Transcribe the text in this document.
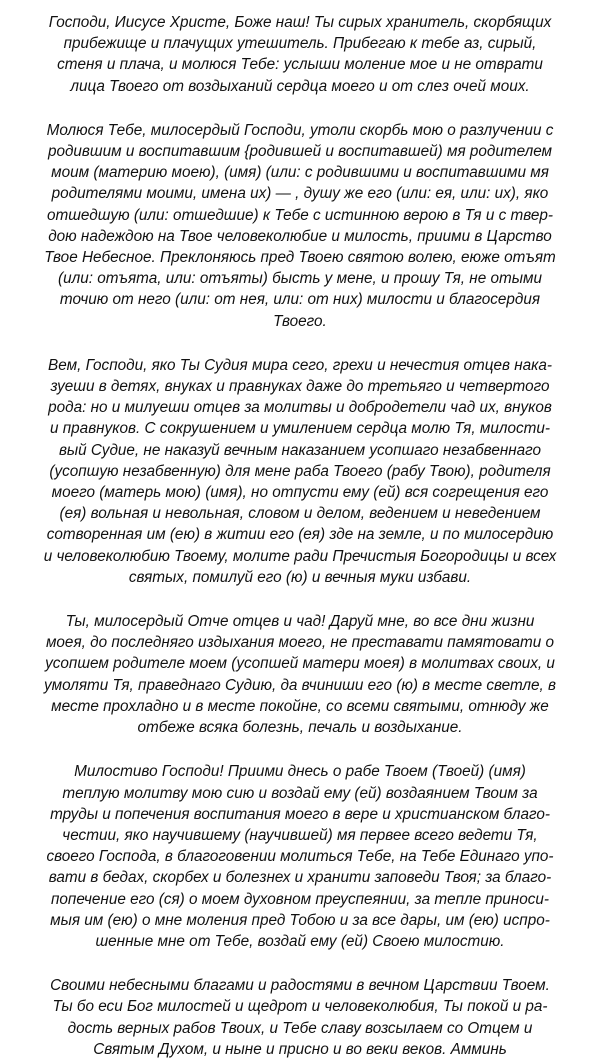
Господи, Иисусе Христе, Боже наш! Ты сирых хранитель, скорбящих
прибежище и плачущих утешитель. Прибегаю к тебе аз, сирый,
стеня и плача, и молюся Тебе: услыши моление мое и не отврати
лица Твоего от воздыханий сердца моего и от слез очей моих.
Молюся Тебе, милосердый Господи, утоли скорбь мою о разлучении с
родившим и воспитавшим {родившей и воспитавшей) мя родителем
моим (материю моею), (имя) (или: с родившими и воспитавшими мя
родителями моими, имена их) — , душу же его (или: ея, или: их), яко
отшедшую (или: отшедшие) к Тебе с истинною верою в Тя и с твер-
дою надеждою на Твое человеколюбие и милость, приими в Царство
Твое Небесное. Преклоняюсь пред Твоею святою волею, еюже отъят
(или: отъята, или: отъяты) бысть у мене, и прошу Тя, не отыми
точию от него (или: от нея, или: от них) милости и благосердия
Твоего.
Вем, Господи, яко Ты Судия мира сего, грехи и нечестия отцев нака-
зуеши в детях, внуках и правнуках даже до третьяго и четвертого
рода: но и милуеши отцев за молитвы и добродетели чад их, внуков
и правнуков. С сокрушением и умилением сердца молю Тя, милости-
вый Судие, не наказуй вечным наказанием усопшаго незабвеннаго
(усопшую незабвенную) для мене раба Твоего (рабу Твою), родителя
моего (матерь мою) (имя), но отпусти ему (ей) вся согрещения его
(ея) вольная и невольная, словом и делом, ведением и неведением
сотворенная им (ею) в житии его (ея) зде на земле, и по милосердию
и человеколюбию Твоему, молите ради Пречистыя Богородицы и всех
святых, помилуй его (ю) и вечныя муки избави.
Ты, милосердый Отче отцев и чад! Даруй мне, во все дни жизни
моея, до последняго издыхания моего, не преставати памятовати о
усопшем родителе моем (усопшей матери моея) в молитвах своих, и
умоляти Тя, праведнаго Судию, да вчиниши его (ю) в месте светле, в
месте прохладно и в месте покойне, со всеми святыми, отнюду же
отбеже всяка болезнь, печаль и воздыхание.
Милостиво Господи! Приими днесь о рабе Твоем (Твоей) (имя)
теплую молитву мою сию и воздай ему (ей) воздаянием Твоим за
труды и попечения воспитания моего в вере и христианском благо-
честии, яко научившему (научившей) мя первее всего ведети Тя,
своего Господа, в благоговении молиться Тебе, на Тебе Единаго упо-
вати в бедах, скорбех и болезнех и хранити заповеди Твоя; за благо-
попечение его (ся) о моем духовном преуспеянии, за тепле приноси-
мыя им (ею) о мне моления пред Тобою и за все дары, им (ею) испро-
шенные мне от Тебе, воздай ему (ей) Своею милостию.
Своими небесными благами и радостями в вечном Царствии Твоем.
Ты бо еси Бог милостей и щедрот и человеколюбия, Ты покой и ра-
дость верных рабов Твоих, и Тебе славу возсылаем со Отцем и
Святым Духом, и ныне и присно и во веки веков. Амминь
